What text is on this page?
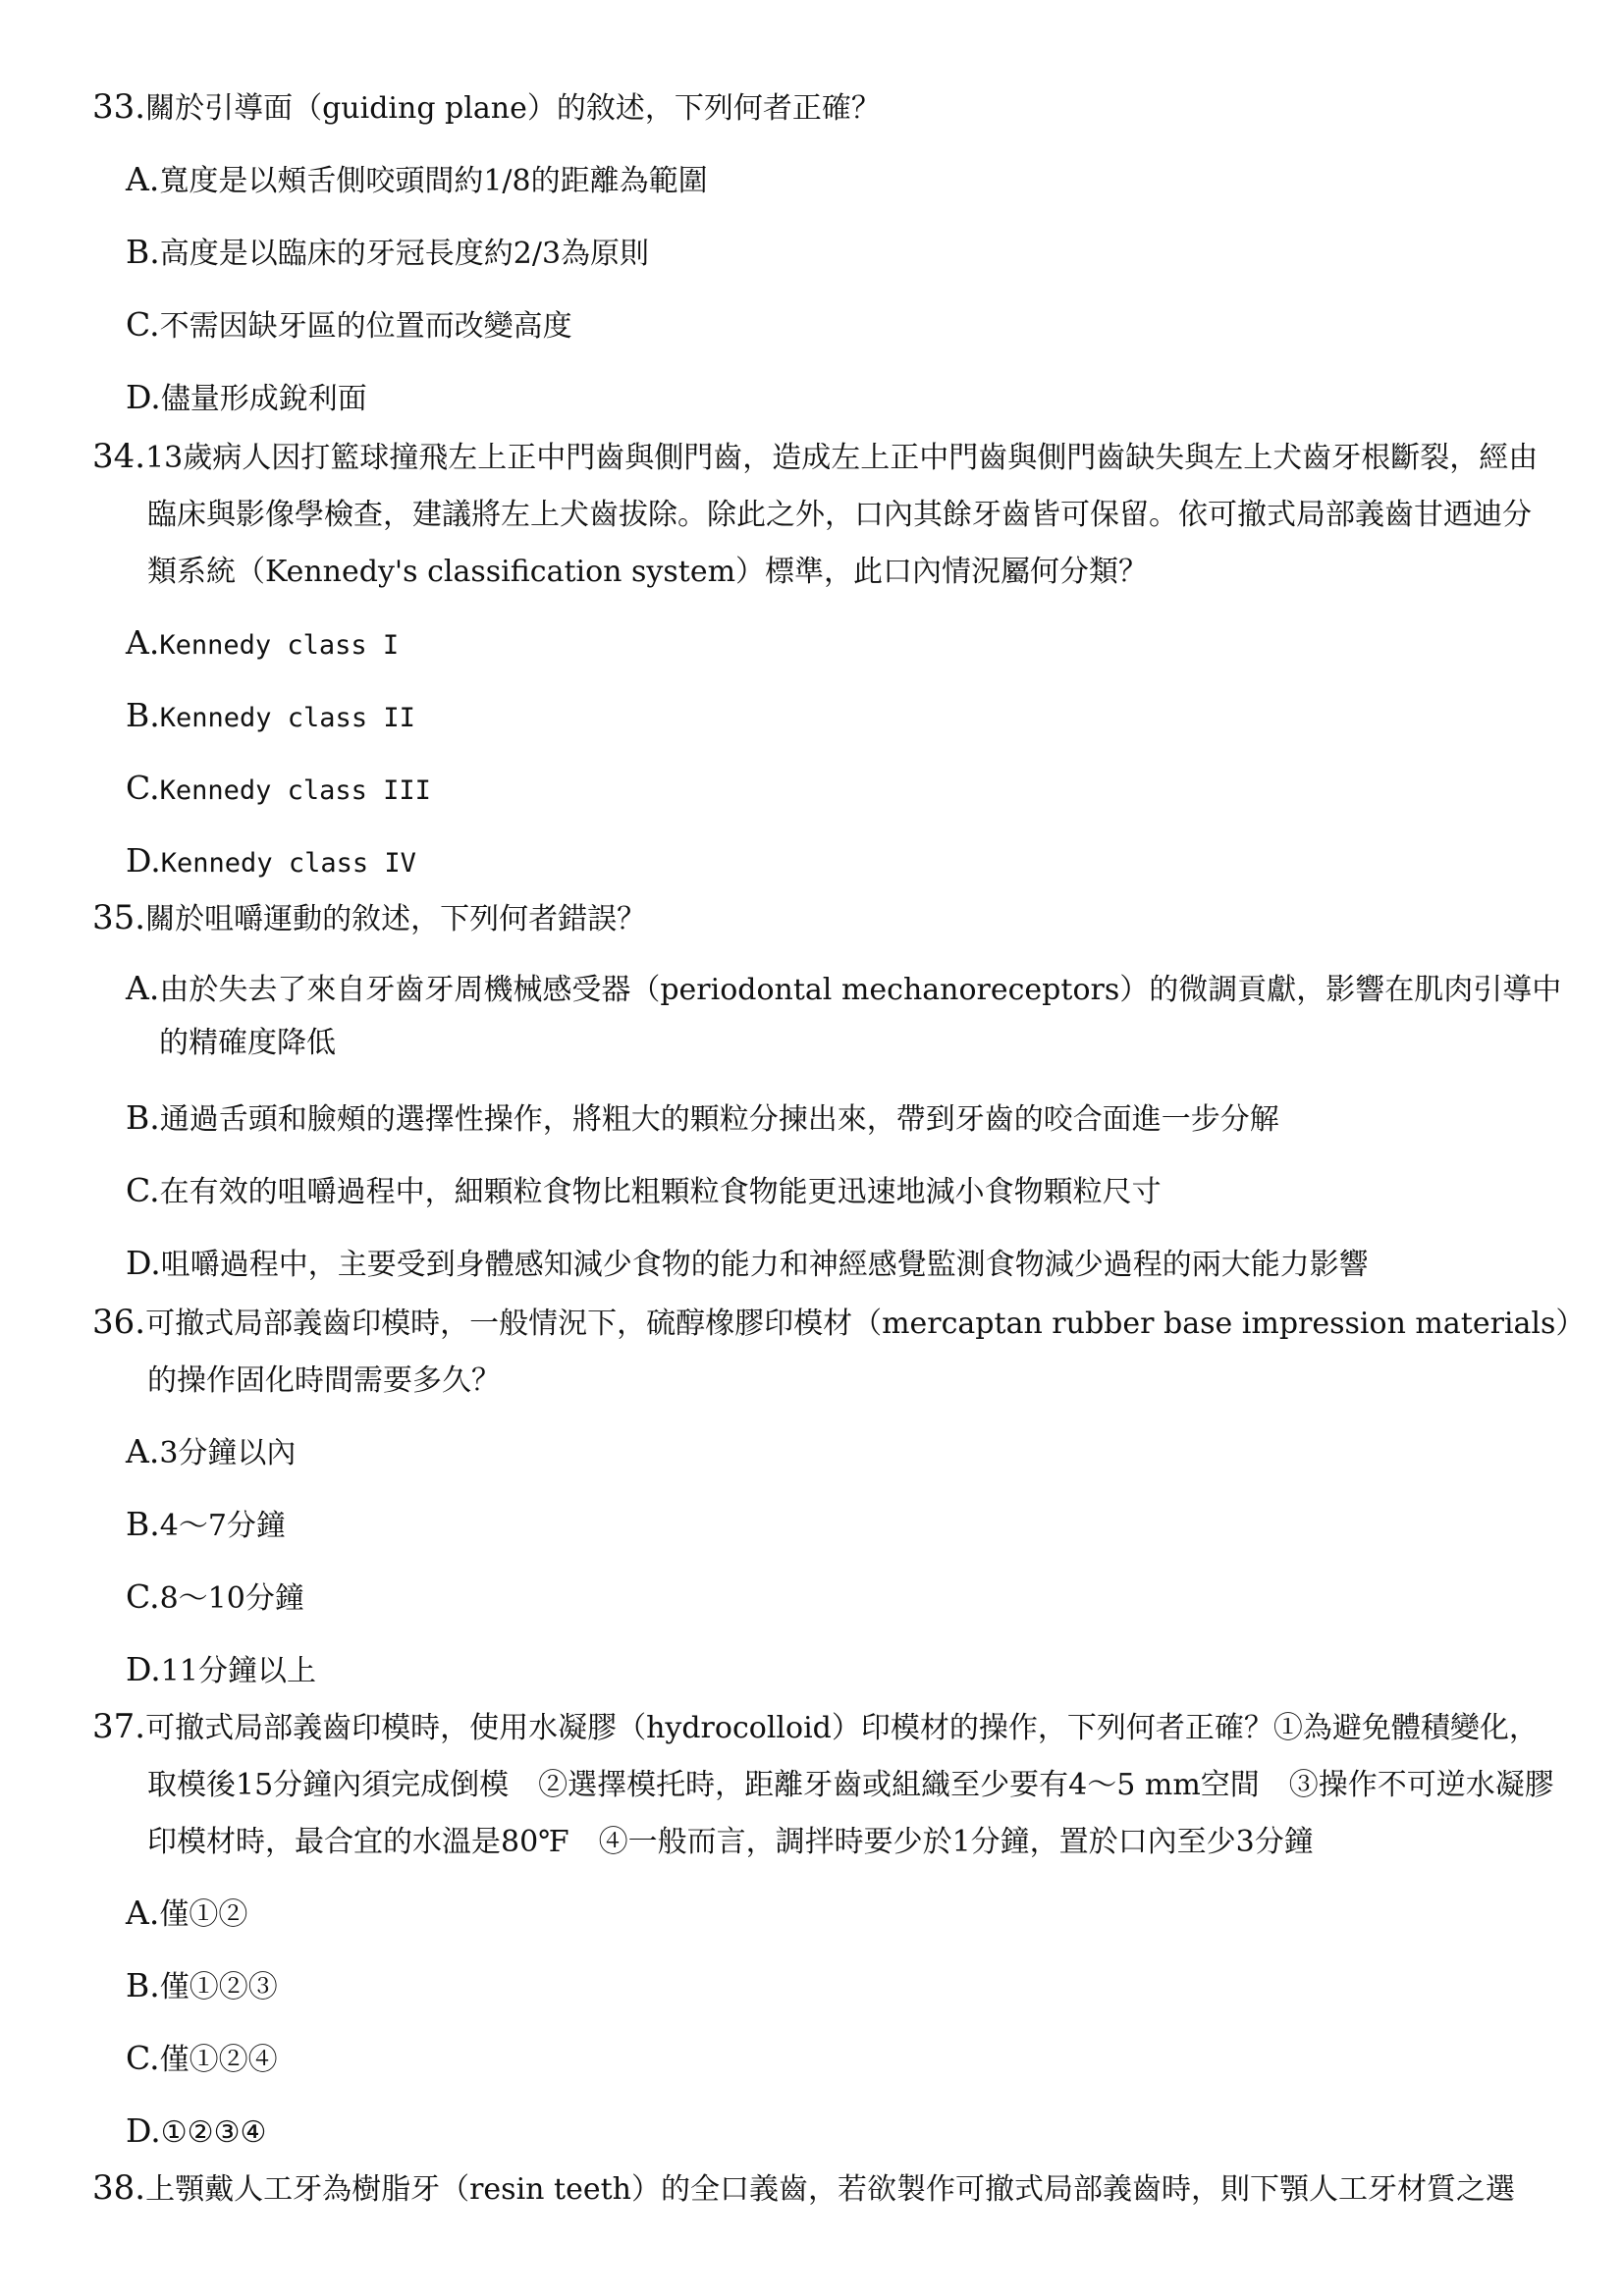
33.關於引導面（guiding plane）的敘述，下列何者正確？
A.寬度是以頰舌側咬頭間約1/8的距離為範圍
B.高度是以臨床的牙冠長度約2/3為原則
C.不需因缺牙區的位置而改變高度
D.儘量形成銳利面
34.13歲病人因打籃球撞飛左上正中門齒與側門齒，造成左上正中門齒與側門齒缺失與左上犬齒牙根斷裂，經由
臨床與影像學檢查，建議將左上犬齒拔除。除此之外，口內其餘牙齒皆可保留。依可撤式局部義齒甘迺迪分
類系統（Kennedy's classification system）標準，此口內情況屬何分類？
A.Kennedy class I
B.Kennedy class II
C.Kennedy class III
D.Kennedy class IV
35.關於咀嚼運動的敘述，下列何者錯誤？
A.由於失去了來自牙齒牙周機械感受器（periodontal mechanoreceptors）的微調貢獻，影響在肌肉引導中
的精確度降低
B.通過舌頭和臉頰的選擇性操作，將粗大的顆粒分揀出來，帶到牙齒的咬合面進一步分解
C.在有效的咀嚼過程中，細顆粒食物比粗顆粒食物能更迅速地減小食物顆粒尺寸
D.咀嚼過程中，主要受到身體感知減少食物的能力和神經感覺監測食物減少過程的兩大能力影響
36.可撤式局部義齒印模時，一般情況下，硫醇橡膠印模材（mercaptan rubber base impression materials）
的操作固化時間需要多久？
A.3分鐘以內
B.4～7分鐘
C.8～10分鐘
D.11分鐘以上
37.可撤式局部義齒印模時，使用水凝膠（hydrocolloid）印模材的操作，下列何者正確？①為避免體積變化，
取模後15分鐘內須完成倒模　②選擇模托時，距離牙齒或組織至少要有4～5 mm空間　③操作不可逆水凝膠
印模材時，最合宜的水溫是80℉　④一般而言，調拌時要少於1分鐘，置於口內至少3分鐘
A.僅①②
B.僅①②③
C.僅①②④
D.①②③④
38.上顎戴人工牙為樹脂牙（resin teeth）的全口義齒，若欲製作可撤式局部義齒時，則下顎人工牙材質之選
